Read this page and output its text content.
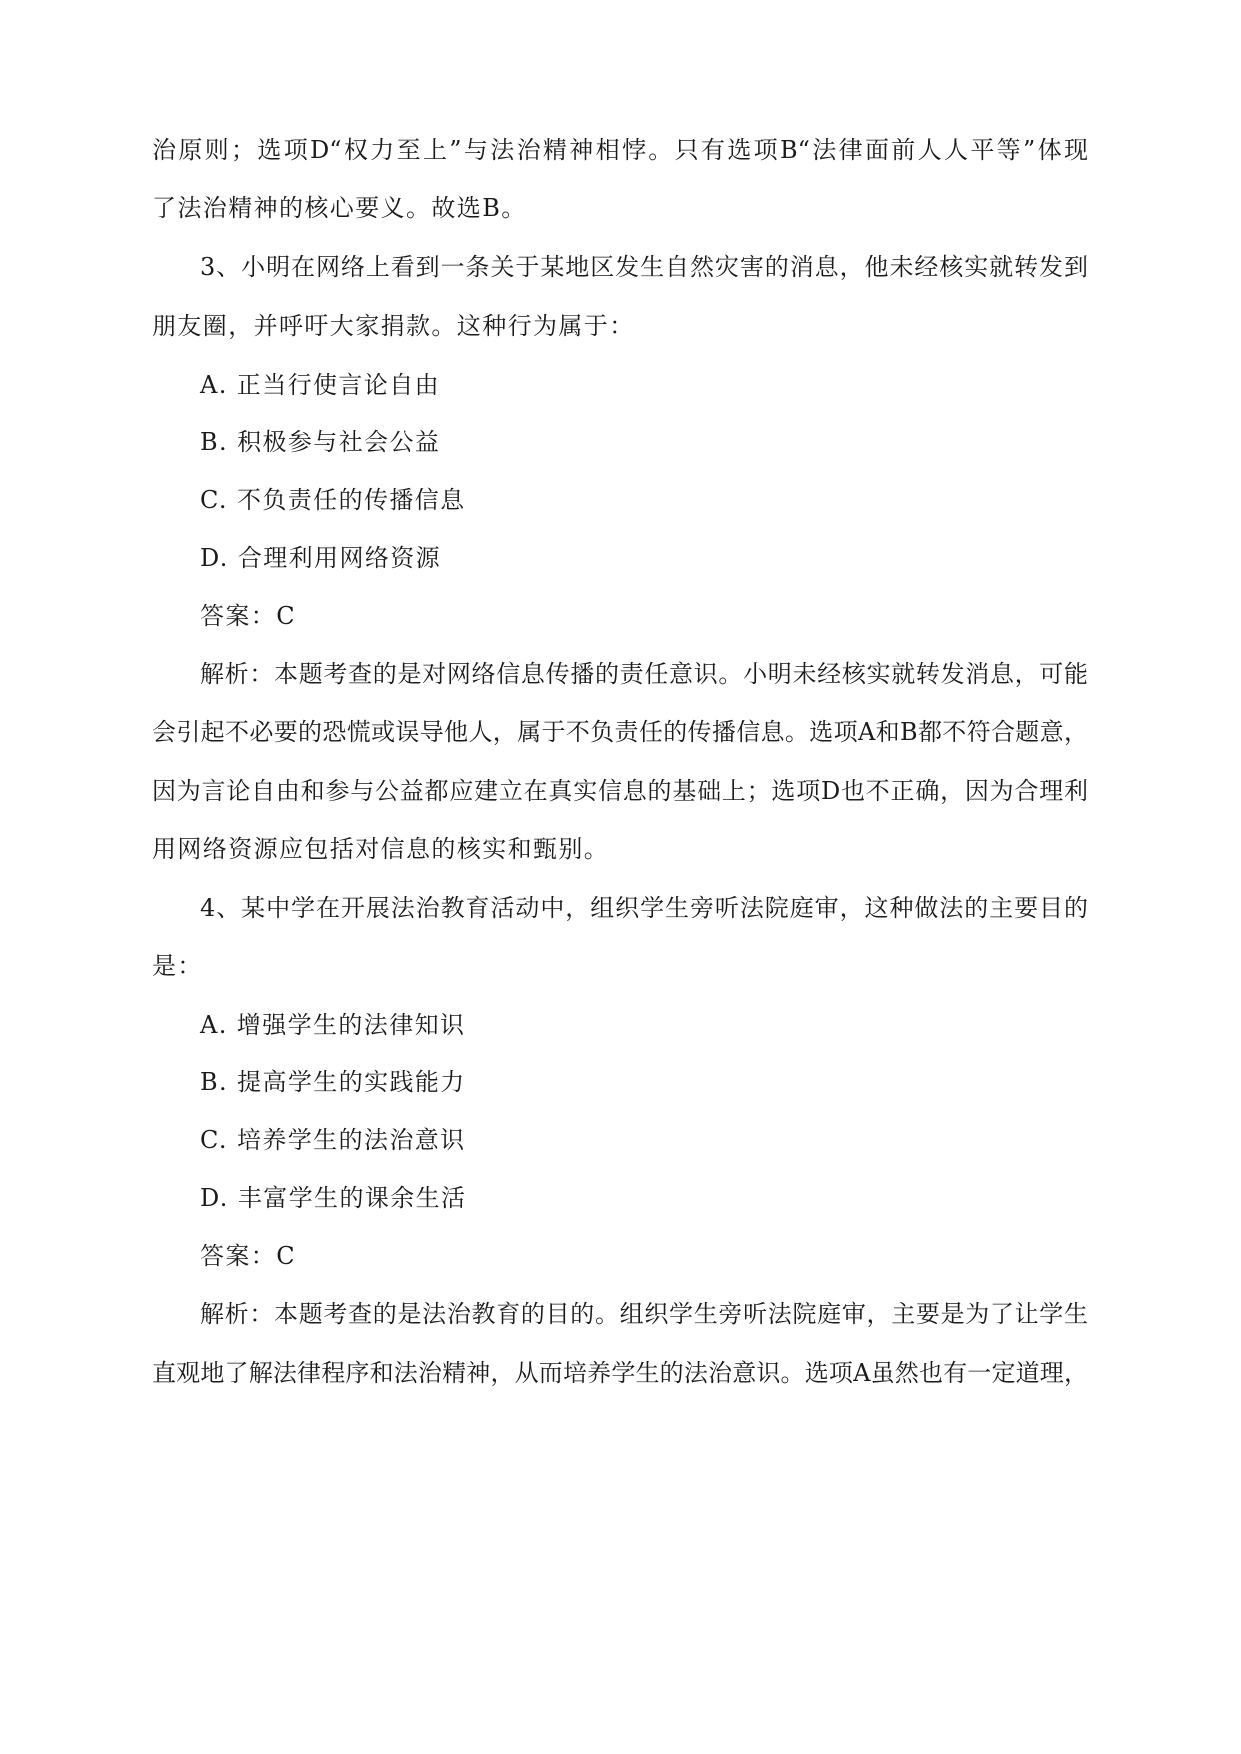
治原则；选项D“权力至上”与法治精神相悖。只有选项B“法律面前人人平等”体现
了法治精神的核心要义。故选B。
3、小明在网络上看到一条关于某地区发生自然灾害的消息，他未经核实就转发到
朋友圈，并呼吁大家捐款。这种行为属于：
A. 正当行使言论自由
B. 积极参与社会公益
C. 不负责任的传播信息
D. 合理利用网络资源
答案：C
解析：本题考查的是对网络信息传播的责任意识。小明未经核实就转发消息，可能
会引起不必要的恐慌或误导他人，属于不负责任的传播信息。选项A和B都不符合题意，
因为言论自由和参与公益都应建立在真实信息的基础上；选项D也不正确，因为合理利
用网络资源应包括对信息的核实和甄别。
4、某中学在开展法治教育活动中，组织学生旁听法院庭审，这种做法的主要目的
是：
A. 增强学生的法律知识
B. 提高学生的实践能力
C. 培养学生的法治意识
D. 丰富学生的课余生活
答案：C
解析：本题考查的是法治教育的目的。组织学生旁听法院庭审，主要是为了让学生
直观地了解法律程序和法治精神，从而培养学生的法治意识。选项A虽然也有一定道理，
